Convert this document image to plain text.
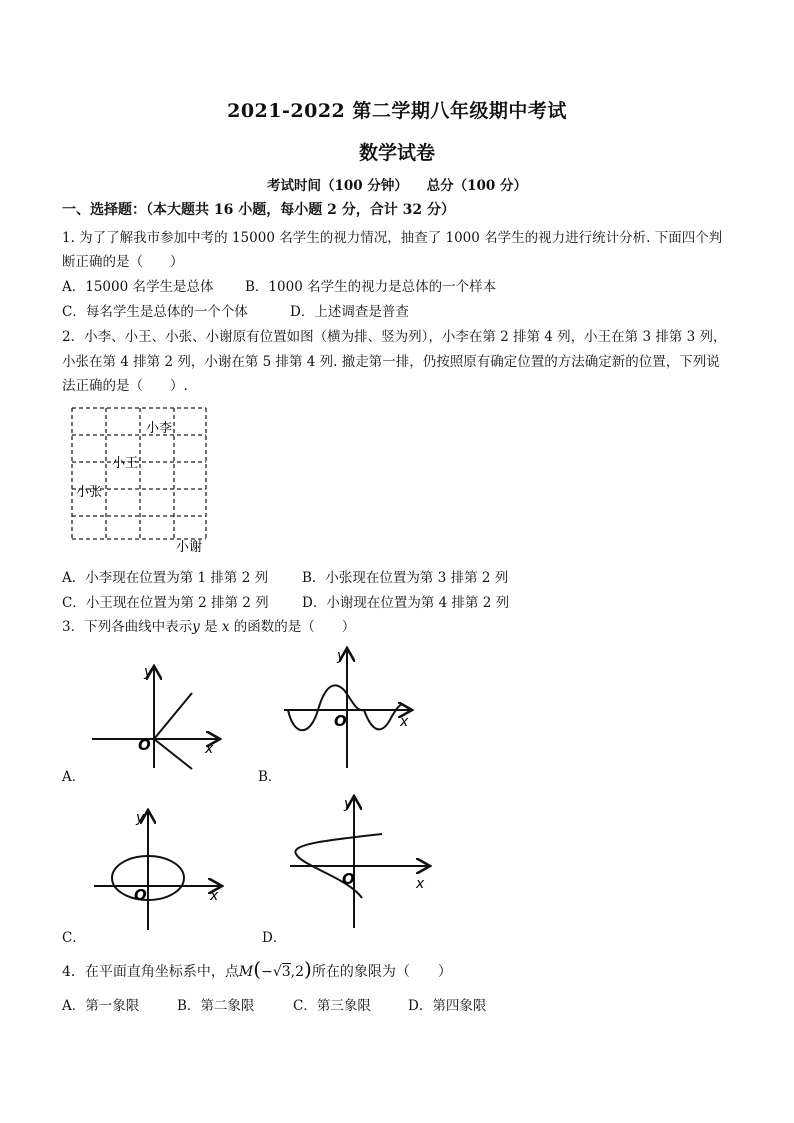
2021-2022 第二学期八年级期中考试
数学试卷
考试时间（100 分钟）    总分（100 分）
一、选择题：（本大题共 16 小题，每小题 2 分，合计 32 分）
1. 为了了解我市参加中考的 15000 名学生的视力情况，抽查了 1000 名学生的视力进行统计分析. 下面四个判
断正确的是（　　）
A．15000 名学生是总体 B．1000 名学生的视力是总体的一个样本
C．每名学生是总体的一个个体	D．上述调查是普查
2．小李、小王、小张、小谢原有位置如图（横为排、竖为列），小李在第 2 排第 4 列，小王在第 3 排第 3 列，
小张在第 4 排第 2 列，小谢在第 5 排第 4 列. 撤走第一排，仍按照原有确定位置的方法确定新的位置，下列说
法正确的是（　　）.
小李
小王
小张
小谢
A．小李现在位置为第 1 排第 2 列	B．小张现在位置为第 3 排第 2 列
C．小王现在位置为第 2 排第 2 列 D．小谢现在位置为第 4 排第 2 列
3．下列各曲线中表示y 是 x 的函数的是（　　）
y
x
O
A．
y
x
O
B．
y
x
O
C．
y
x
O
D．
4．在平面直角坐标系中，点M(−√3,2)所在的象限为（　　）
A．第一象限	B．第二象限	C．第三象限	D．第四象限
